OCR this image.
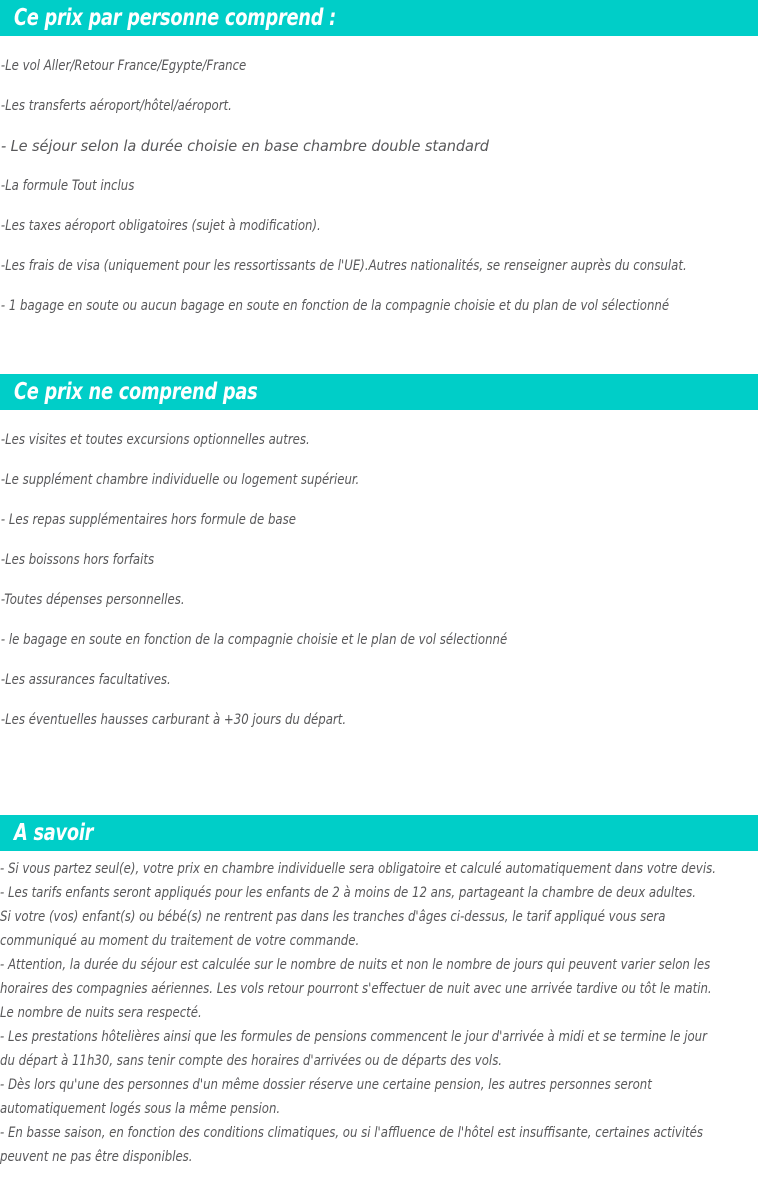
Ce prix par personne comprend :
-Le vol Aller/Retour France/Egypte/France
-Les transferts aéroport/hôtel/aéroport.
- Le séjour selon la durée choisie en base chambre double standard
-La formule Tout inclus
-Les taxes aéroport obligatoires (sujet à modification).
-Les frais de visa (uniquement pour les ressortissants de l'UE).Autres nationalités, se renseigner auprès du consulat.
- 1 bagage en soute ou aucun bagage en soute en fonction de la compagnie choisie et du plan de vol sélectionné
Ce prix ne comprend pas
-Les visites et toutes excursions optionnelles autres.
-Le supplément chambre individuelle ou logement supérieur.
- Les repas supplémentaires hors formule de base
-Les boissons hors forfaits
-Toutes dépenses personnelles.
- le bagage en soute en fonction de la compagnie choisie et le plan de vol sélectionné
-Les assurances facultatives.
-Les éventuelles hausses carburant à +30 jours du départ.
A savoir
- Si vous partez seul(e), votre prix en chambre individuelle sera obligatoire et calculé automatiquement dans votre devis.
- Les tarifs enfants seront appliqués pour les enfants de 2 à moins de 12 ans, partageant la chambre de deux adultes.
Si votre (vos) enfant(s) ou bébé(s) ne rentrent pas dans les tranches d'âges ci-dessus, le tarif appliqué vous sera
communiqué au moment du traitement de votre commande.
- Attention, la durée du séjour est calculée sur le nombre de nuits et non le nombre de jours qui peuvent varier selon les
horaires des compagnies aériennes. Les vols retour pourront s'effectuer de nuit avec une arrivée tardive ou tôt le matin.
Le nombre de nuits sera respecté.
- Les prestations hôtelières ainsi que les formules de pensions commencent le jour d'arrivée à midi et se termine le jour
du départ à 11h30, sans tenir compte des horaires d'arrivées ou de départs des vols.
- Dès lors qu'une des personnes d'un même dossier réserve une certaine pension, les autres personnes seront
automatiquement logés sous la même pension.
- En basse saison, en fonction des conditions climatiques, ou si l'affluence de l'hôtel est insuffisante, certaines activités
peuvent ne pas être disponibles.
